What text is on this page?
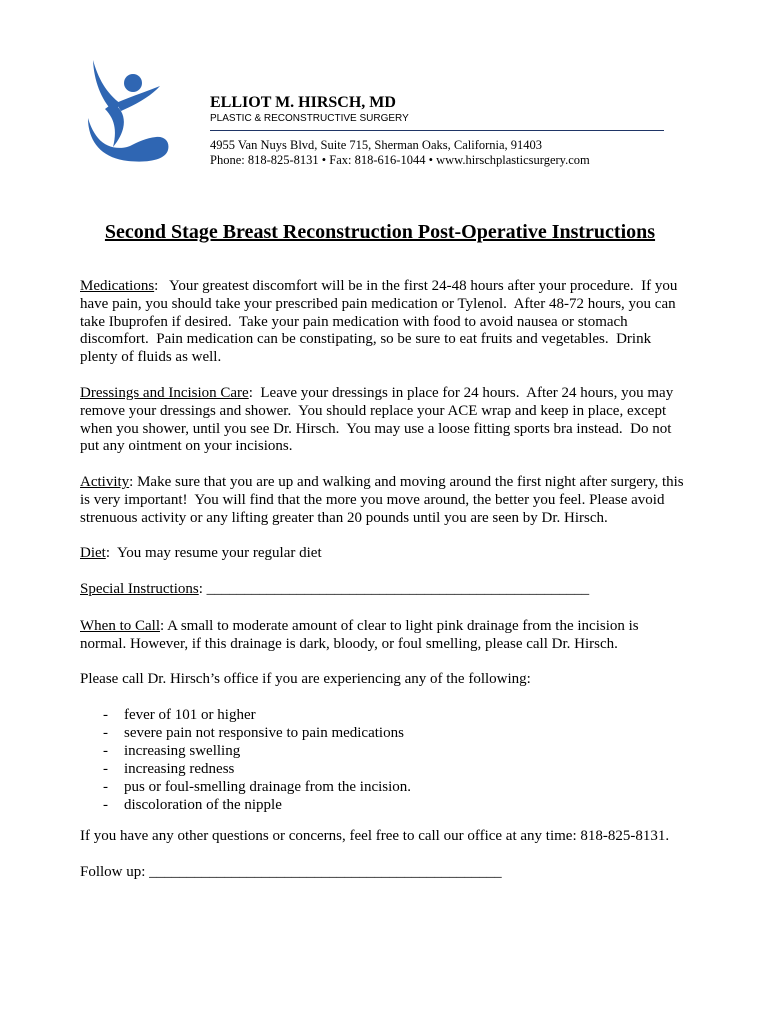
ELLIOT M. HIRSCH, MD
PLASTIC & RECONSTRUCTIVE SURGERY
4955 Van Nuys Blvd, Suite 715, Sherman Oaks, California, 91403
Phone: 818-825-8131 • Fax: 818-616-1044 • www.hirschplasticsurgery.com
Second Stage Breast Reconstruction Post-Operative Instructions
Medications:   Your greatest discomfort will be in the first 24-48 hours after your procedure.  If you
have pain, you should take your prescribed pain medication or Tylenol.  After 48-72 hours, you can
take Ibuprofen if desired.  Take your pain medication with food to avoid nausea or stomach
discomfort.  Pain medication can be constipating, so be sure to eat fruits and vegetables.  Drink
plenty of fluids as well.
Dressings and Incision Care:  Leave your dressings in place for 24 hours.  After 24 hours, you may
remove your dressings and shower.  You should replace your ACE wrap and keep in place, except
when you shower, until you see Dr. Hirsch.  You may use a loose fitting sports bra instead.  Do not
put any ointment on your incisions.
Activity: Make sure that you are up and walking and moving around the first night after surgery, this
is very important!  You will find that the more you move around, the better you feel. Please avoid
strenuous activity or any lifting greater than 20 pounds until you are seen by Dr. Hirsch.
Diet:  You may resume your regular diet
Special Instructions: ___________________________________________________
When to Call: A small to moderate amount of clear to light pink drainage from the incision is
normal. However, if this drainage is dark, bloody, or foul smelling, please call Dr. Hirsch.
Please call Dr. Hirsch’s office if you are experiencing any of the following:
- fever of 101 or higher
- severe pain not responsive to pain medications
- increasing swelling
- increasing redness
- pus or foul-smelling drainage from the incision.
- discoloration of the nipple
If you have any other questions or concerns, feel free to call our office at any time: 818-825-8131.
Follow up: _______________________________________________
